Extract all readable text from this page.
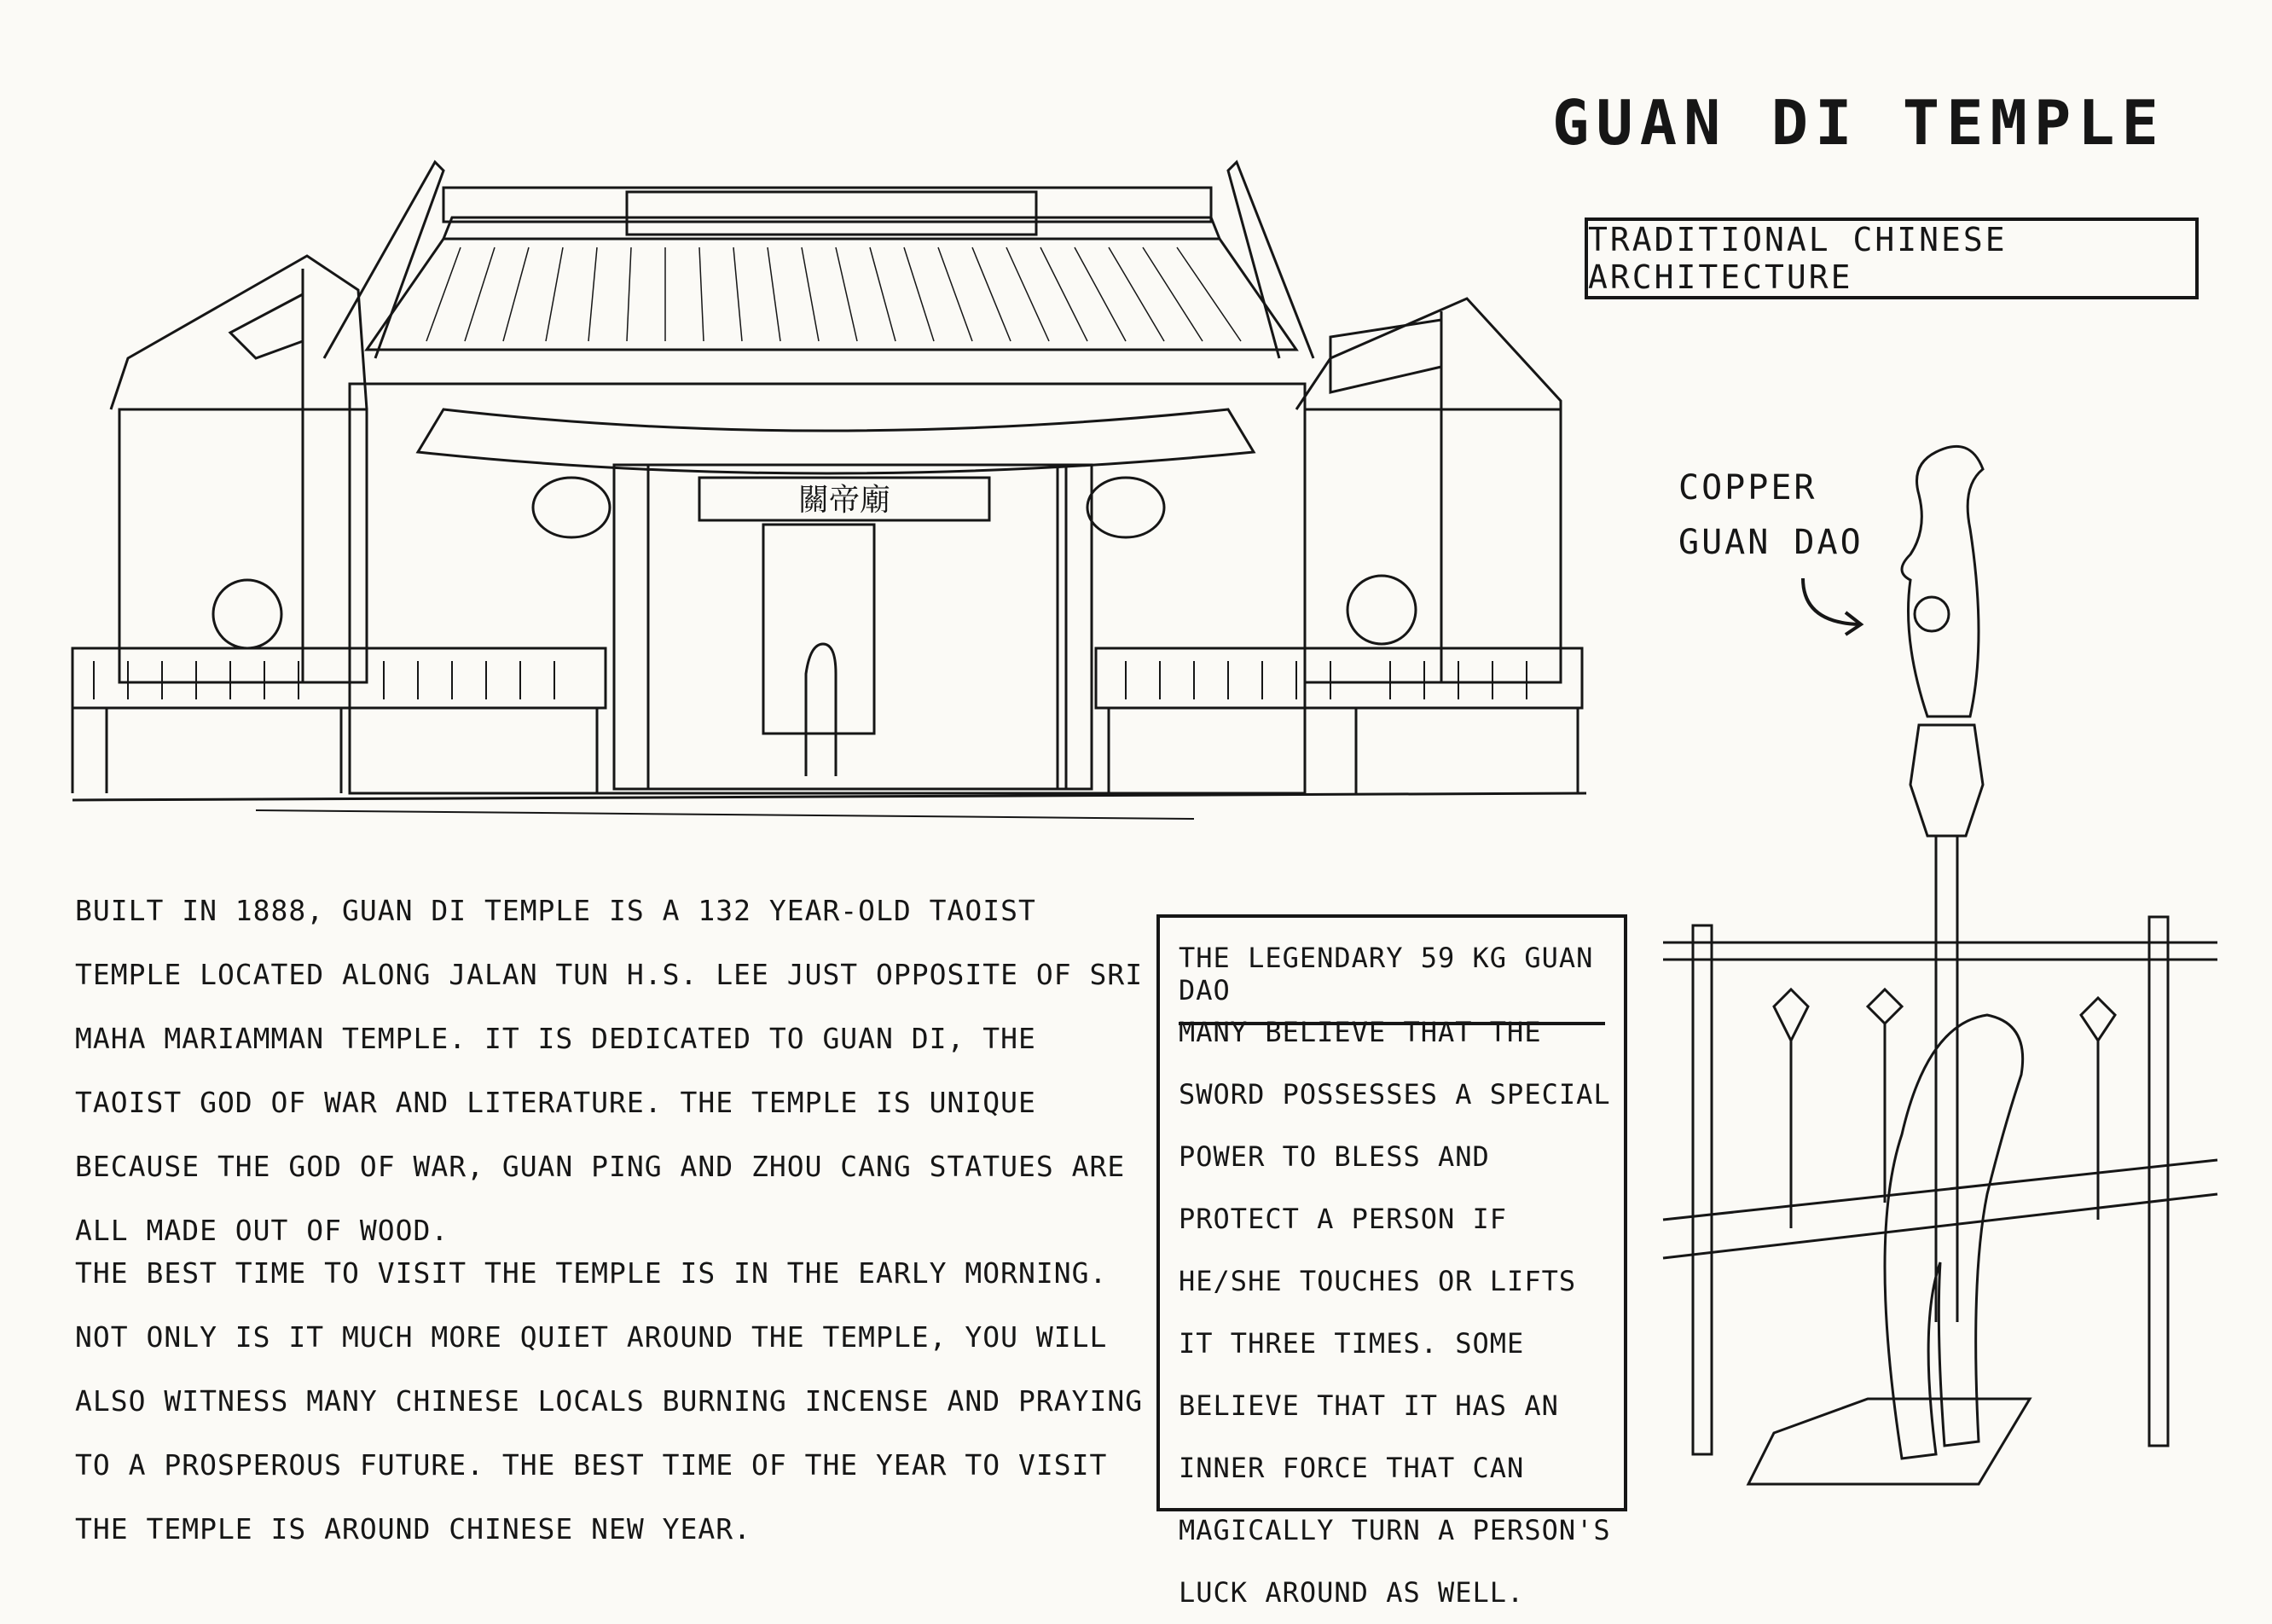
關帝廟
GUAN DI TEMPLE
TRADITIONAL CHINESE ARCHITECTURE
COPPER
GUAN DAO
BUILT IN 1888, GUAN DI TEMPLE IS A 132 YEAR-OLD TAOIST TEMPLE LOCATED ALONG JALAN TUN H.S. LEE JUST OPPOSITE OF SRI MAHA MARIAMMAN TEMPLE. IT IS DEDICATED TO GUAN DI, THE TAOIST GOD OF WAR AND LITERATURE. THE TEMPLE IS UNIQUE BECAUSE THE GOD OF WAR, GUAN PING AND ZHOU CANG STATUES ARE ALL MADE OUT OF WOOD.
THE BEST TIME TO VISIT THE TEMPLE IS IN THE EARLY MORNING. NOT ONLY IS IT MUCH MORE QUIET AROUND THE TEMPLE, YOU WILL ALSO WITNESS MANY CHINESE LOCALS BURNING INCENSE AND PRAYING TO A PROSPEROUS FUTURE. THE BEST TIME OF THE YEAR TO VISIT THE TEMPLE IS AROUND CHINESE NEW YEAR.
THE LEGENDARY 59 KG GUAN DAO
MANY BELIEVE THAT THE SWORD POSSESSES A SPECIAL POWER TO BLESS AND PROTECT A PERSON IF HE/SHE TOUCHES OR LIFTS IT THREE TIMES. SOME BELIEVE THAT IT HAS AN INNER FORCE THAT CAN MAGICALLY TURN A PERSON'S LUCK AROUND AS WELL.
